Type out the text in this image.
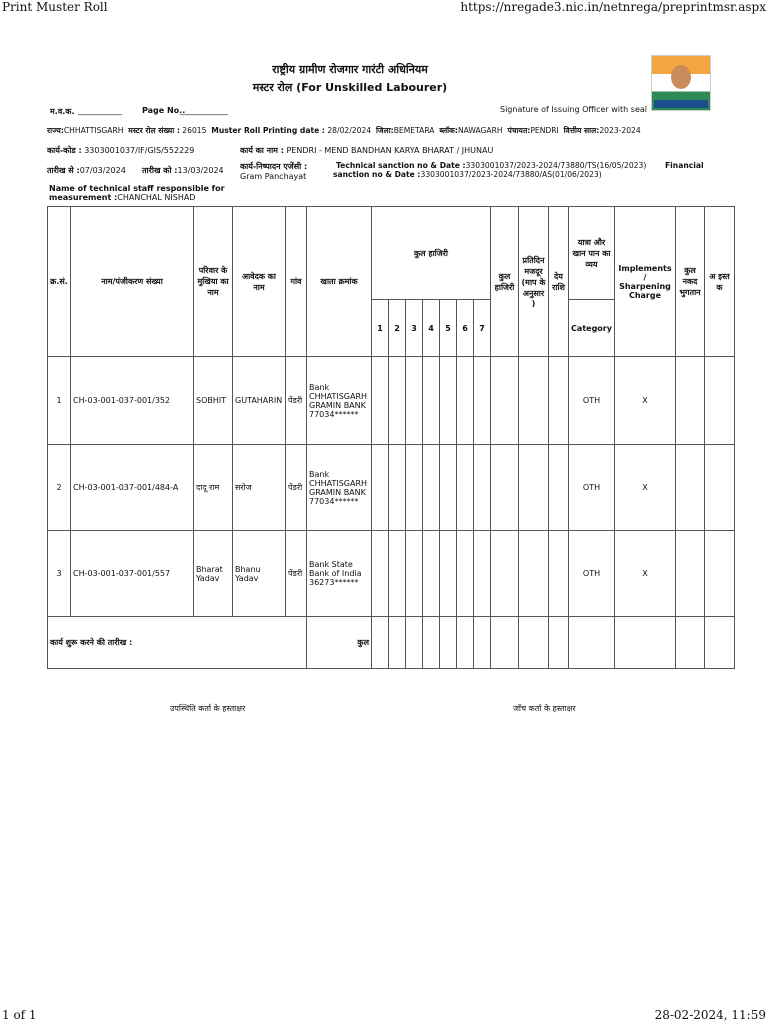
Print Muster Roll	https://nregade3.nic.in/netnrega/preprintmsr.aspx
राष्ट्रीय ग्रामीण रोजगार गारंटी अधिनियम
मस्टर रोल (For Unskilled Labourer)
म.व.क. ___________	Page No..
____________	Signature of Issuing Officer with seal
राज्य:CHHATTISGARH मस्टर रोल संख्या : 26015 Muster Roll Printing date : 28/02/2024 जिला:BEMETARA ब्लॉक:NAWAGARH पंचायत:PENDRI वित्तीय साल:2023-2024
कार्य-कोड : 3303001037/IF/GIS/552229	कार्य का नाम : PENDRI - MEND BANDHAN KARYA BHARAT / JHUNAU
तारीख से :07/03/2024 तारीख को :13/03/2024 कार्य-निष्पादन एजेंसी :
Gram Panchayat
Technical sanction no & Date :3303001037/2023-2024/73880/TS(16/05/2023) Financial
sanction no & Date :3303001037/2023-2024/73880/AS(01/06/2023)
Name of technical staff responsible for
measurement :CHANCHAL NISHAD
क्र.सं.	नाम/पंजीकरण संख्या	परिवार के मुखिया का नाम	आवेदक का नाम	गांव	खाता क्रमांक	कुल हाजिरी							कुल हाजिरी	प्रतिदिन मजदूर (माप के अनुसार )	देय राशि	यात्रा और खान पान का व्यय	Implements / Sharpening Charge	कुल नकद भुगतान	अ इस्त क
						1	2	3	4	5	6	7				Category			
1	CH-03-001-037-001/352	SOBHIT	GUTAHARIN	पेंडरी	Bank CHHATISGARH GRAMIN BANK 77034******											OTH	X		
2	CH-03-001-037-001/484-A	दादू राम	सरोज	पेंडरी	Bank CHHATISGARH GRAMIN BANK 77034******											OTH	X		
3	CH-03-001-037-001/557	Bharat Yadav	Bhanu Yadav	पेंडरी	Bank State Bank of India 36273******											OTH	X		
कार्य शुरू करने की तारीख :					कुल														
उपस्थिति कर्ता के हस्ताक्षर	जाँच कर्ता के हस्ताक्षर
1 of 1	28-02-2024, 11:59
